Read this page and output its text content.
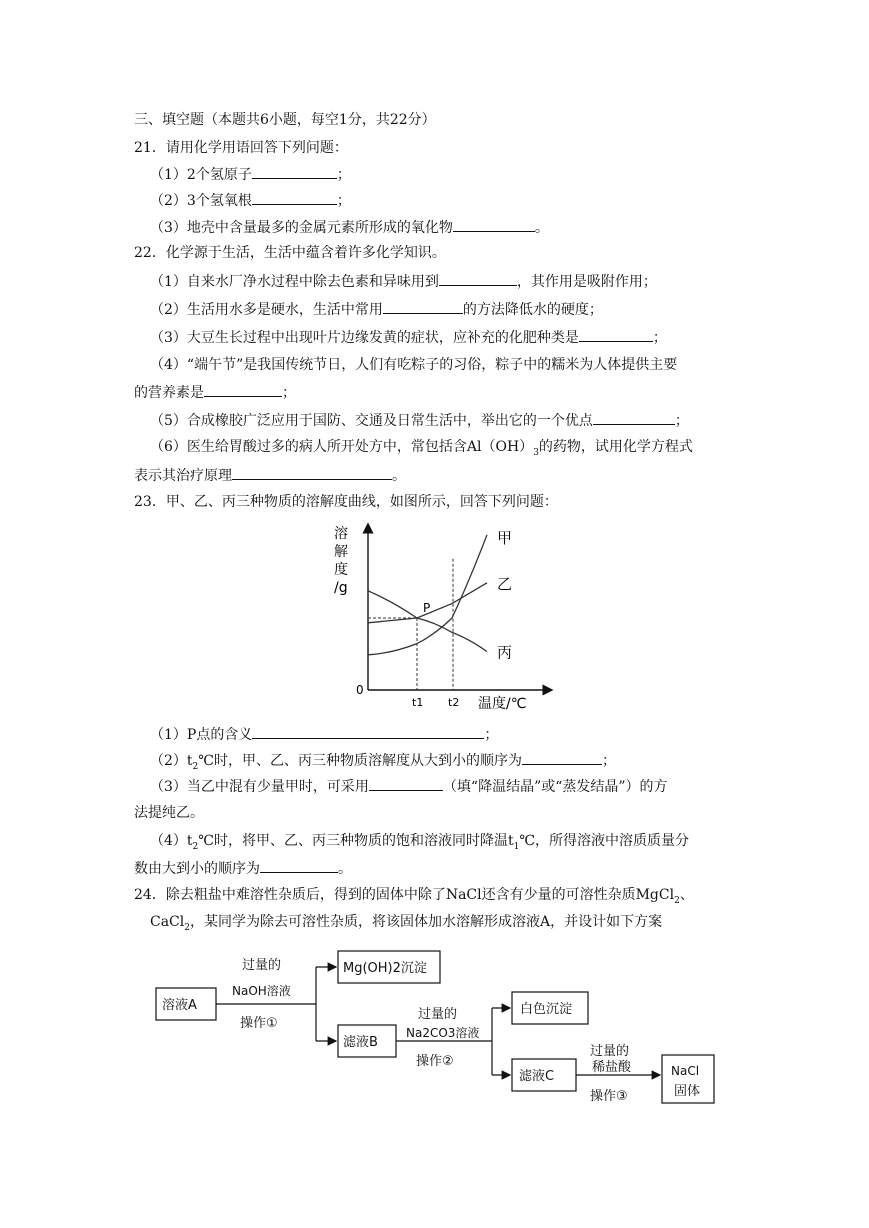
三、填空题（本题共6小题，每空1分，共22分）
21．请用化学用语回答下列问题：
（1）2个氢原子	；
（2）3个氢氧根	；
（3）地壳中含量最多的金属元素所形成的氧化物	。
22．化学源于生活，生活中蕴含着许多化学知识。
（1）自来水厂净水过程中除去色素和异味用到	，其作用是吸附作用；
（2）生活用水多是硬水，生活中常用	的方法降低水的硬度；
（3）大豆生长过程中出现叶片边缘发黄的症状，应补充的化肥种类是	；
（4）“端午节”是我国传统节日，人们有吃粽子的习俗，粽子中的糯米为人体提供主要
的营养素是	；
（5）合成橡胶广泛应用于国防、交通及日常生活中，举出它的一个优点	；
（6）医生给胃酸过多的病人所开处方中，常包括含$Al(OH)_3$的药物，试用化学方程式
表示其治疗原理	。
23．甲、乙、丙三种物质的溶解度曲线，如图所示，回答下列问题：
溶
解
度
/g
0
温度/℃
t1 t2
甲
乙
丙
P
（1）P点的含义	；
$(2)t_2℃$时，甲、乙、丙三种物质溶解度从大到小的顺序为	；
（3）当乙中混有少量甲时，可采用	（填“降温结晶”或“蒸发结晶”）的方
法提纯乙。
$(4)t_2℃$时，将甲、乙、丙三种物质的饱和溶液同时降温$t_1℃$，所得溶液中溶质质量分
数由大到小的顺序为	。
24．除去粗盐中难溶性杂质后，得到的固体中除了NaCl还含有少量的可溶性杂质MgCl$_2$、
CaCl$_2$，某同学为除去可溶性杂质，将该固体加水溶解形成溶液A，并设计如下方案
溶液A
过量的
NaOH溶液
操作①
Mg(OH)2沉淀
滤液B
过量的
Na2CO3溶液
操作②
白色沉淀
滤液C
过量的
稀盐酸
操作③
NaCl
固体
